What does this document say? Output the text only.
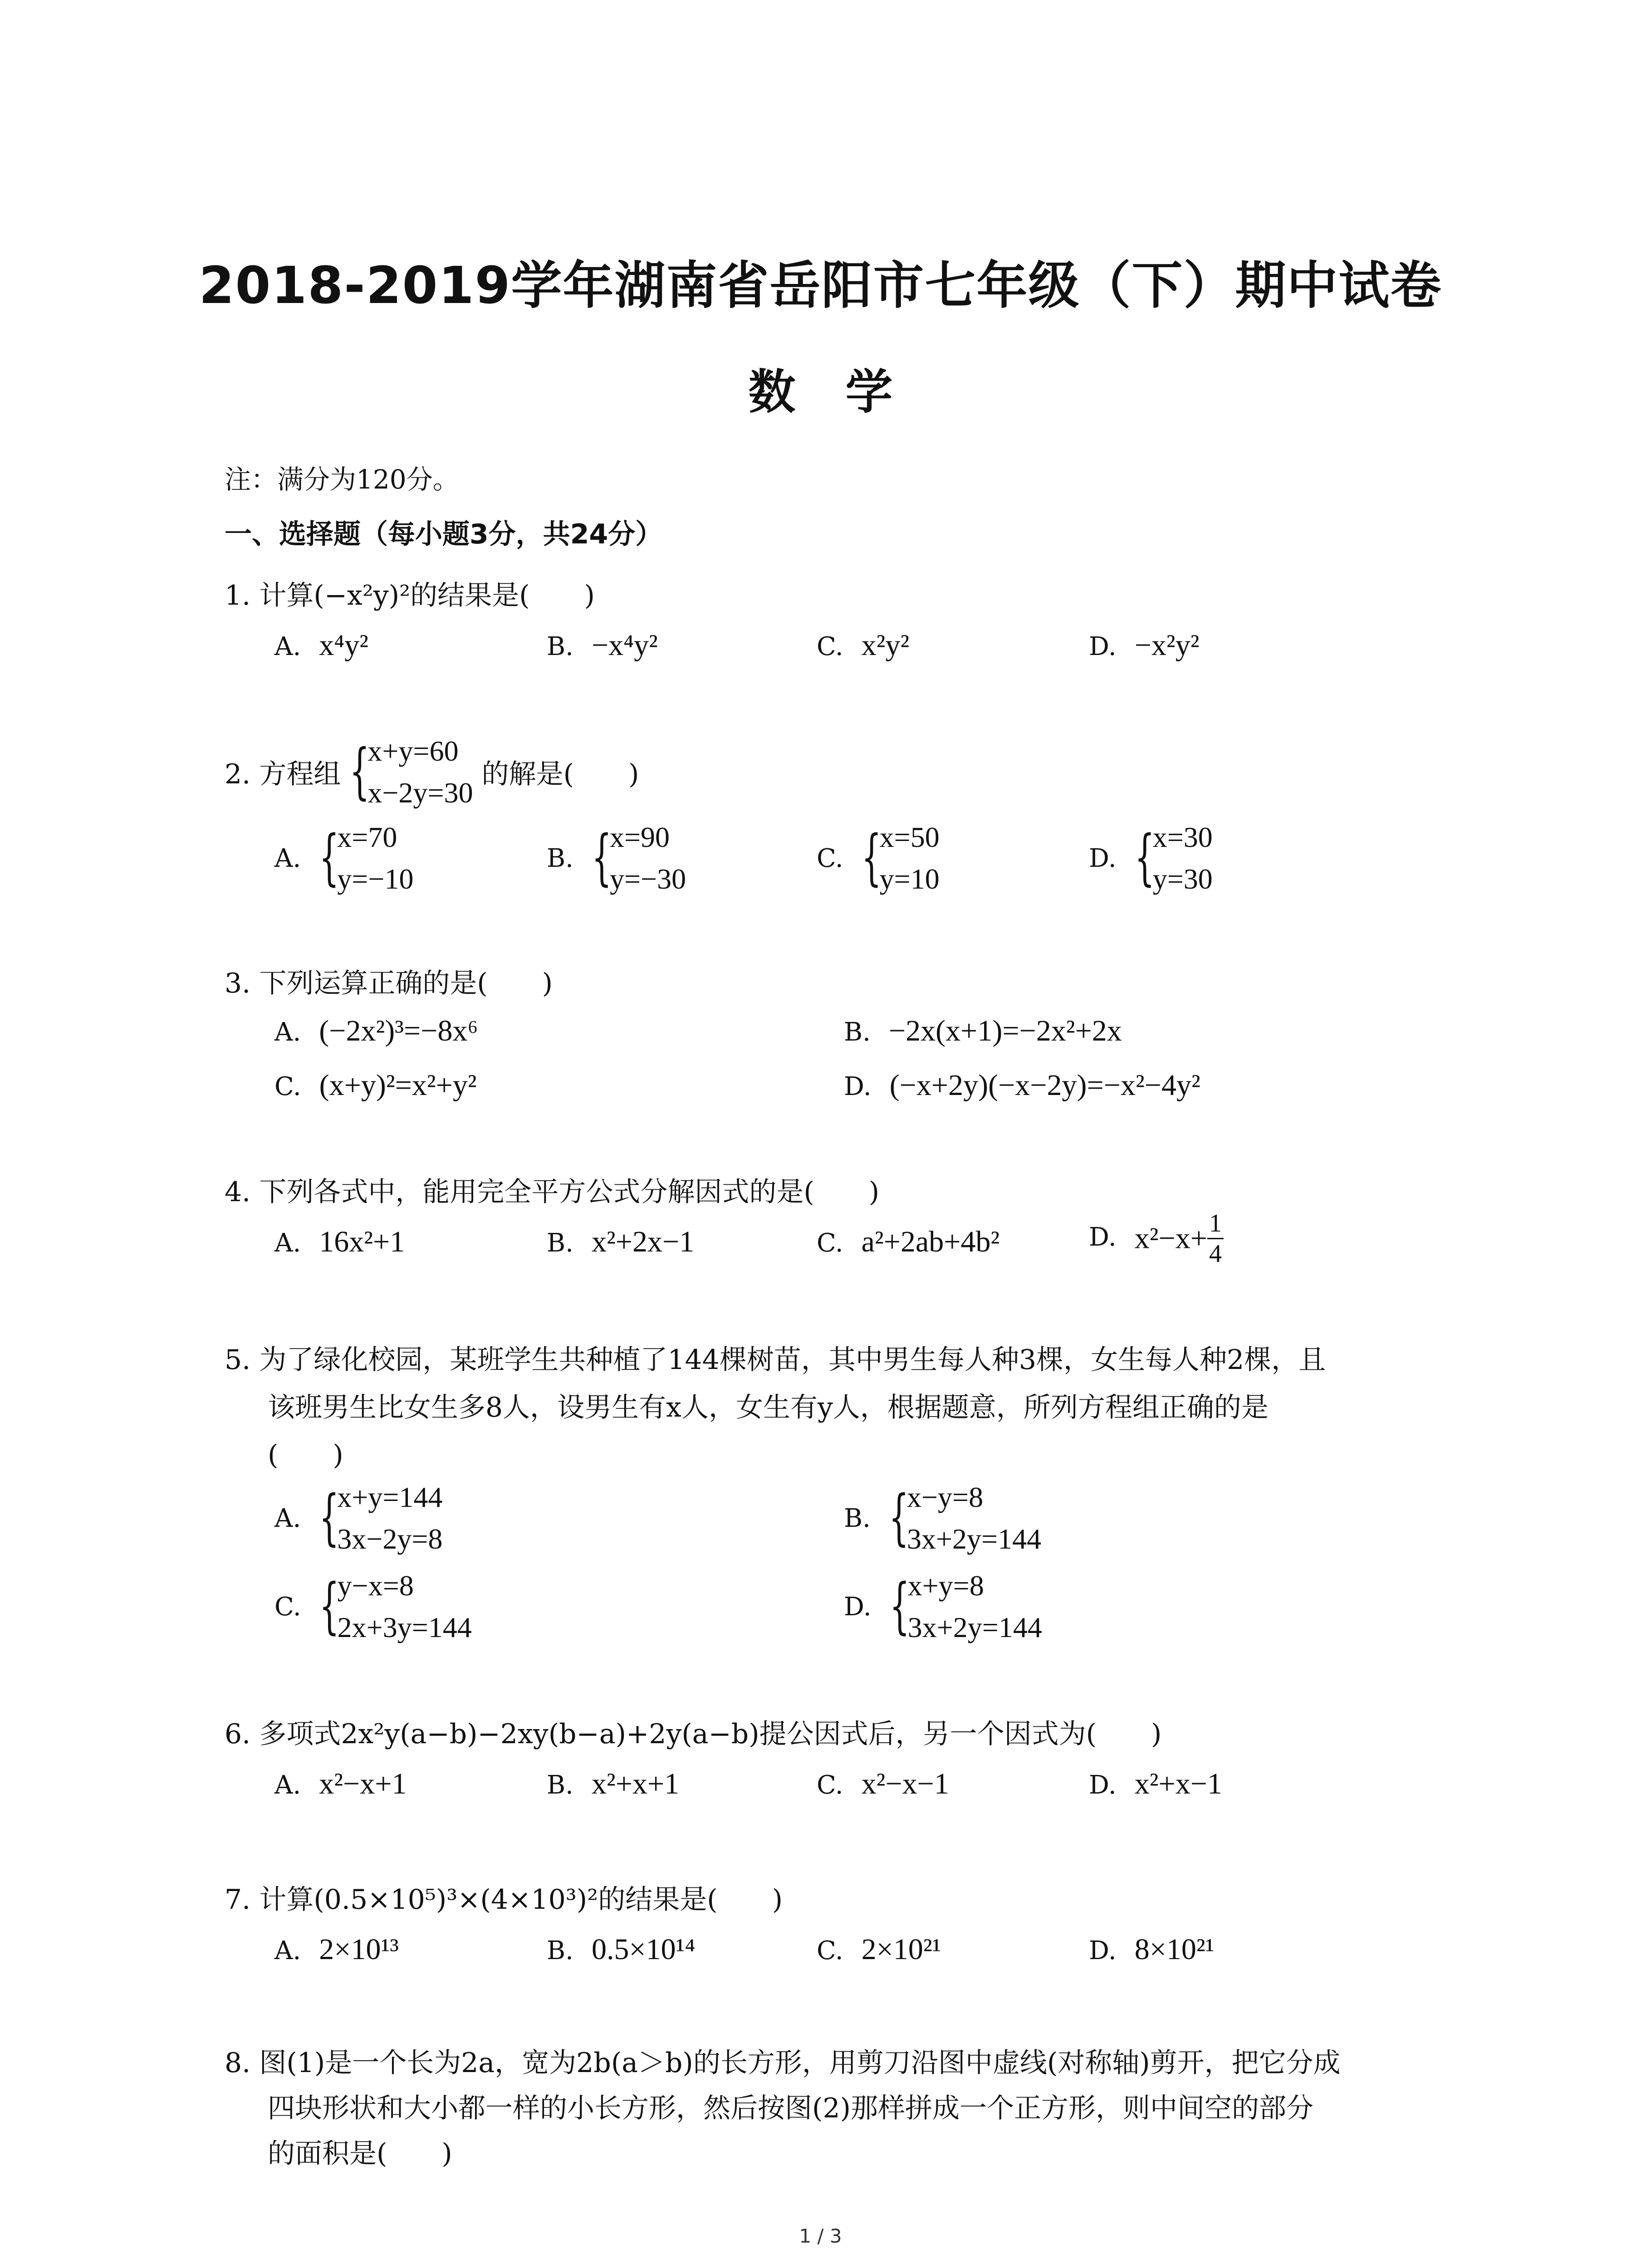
2018-2019学年湖南省岳阳市七年级（下）期中试卷
数学
注：满分为120分。
一、选择题（每小题3分，共24分）
1. 计算(−x²y)²的结果是(　　)
A. x⁴y²	B. −x⁴y²	C. x²y²	D. −x²y²
2. 方程组
{ x+y=60
x−2y=30
的解是(　　)
A.
{ x=70
y=−10
B.
{ x=90
y=−30
C.
{ x=50
y=10
D.
{ x=30
y=30
3. 下列运算正确的是(　　)
A. (−2x²)³=−8x⁶	B. −2x(x+1)=−2x²+2x
C. (x+y)²=x²+y²	D. (−x+2y)(−x−2y)=−x²−4y²
4. 下列各式中，能用完全平方公式分解因式的是(　　)
A. 16x²+1	B. x²+2x−1	C. a²+2ab+4b²	D. $x^2-x+ \frac{1}{4}$
5. 为了绿化校园，某班学生共种植了144棵树苗，其中男生每人种3棵，女生每人种2棵，且
该班男生比女生多8人，设男生有x人，女生有y人，根据题意，所列方程组正确的是
(　　)
A.
{ x+y=144
3x−2y=8
B.
{ x−y=8
3x+2y=144
C.
{ y−x=8
2x+3y=144
D.
{ x+y=8
3x+2y=144
6. 多项式2x²y(a−b)−2xy(b−a)+2y(a−b)提公因式后，另一个因式为(　　)
A. x²−x+1	B. x²+x+1	C. x²−x−1	D. x²+x−1
7. 计算(0.5×10⁵)³×(4×10³)²的结果是(　　)
A. 2×10¹³	B. 0.5×10¹⁴	C. 2×10²¹	D. 8×10²¹
8. 图(1)是一个长为2a，宽为2b(a＞b)的长方形，用剪刀沿图中虚线(对称轴)剪开，把它分成
四块形状和大小都一样的小长方形，然后按图(2)那样拼成一个正方形，则中间空的部分
的面积是(　　)
1 / 3
